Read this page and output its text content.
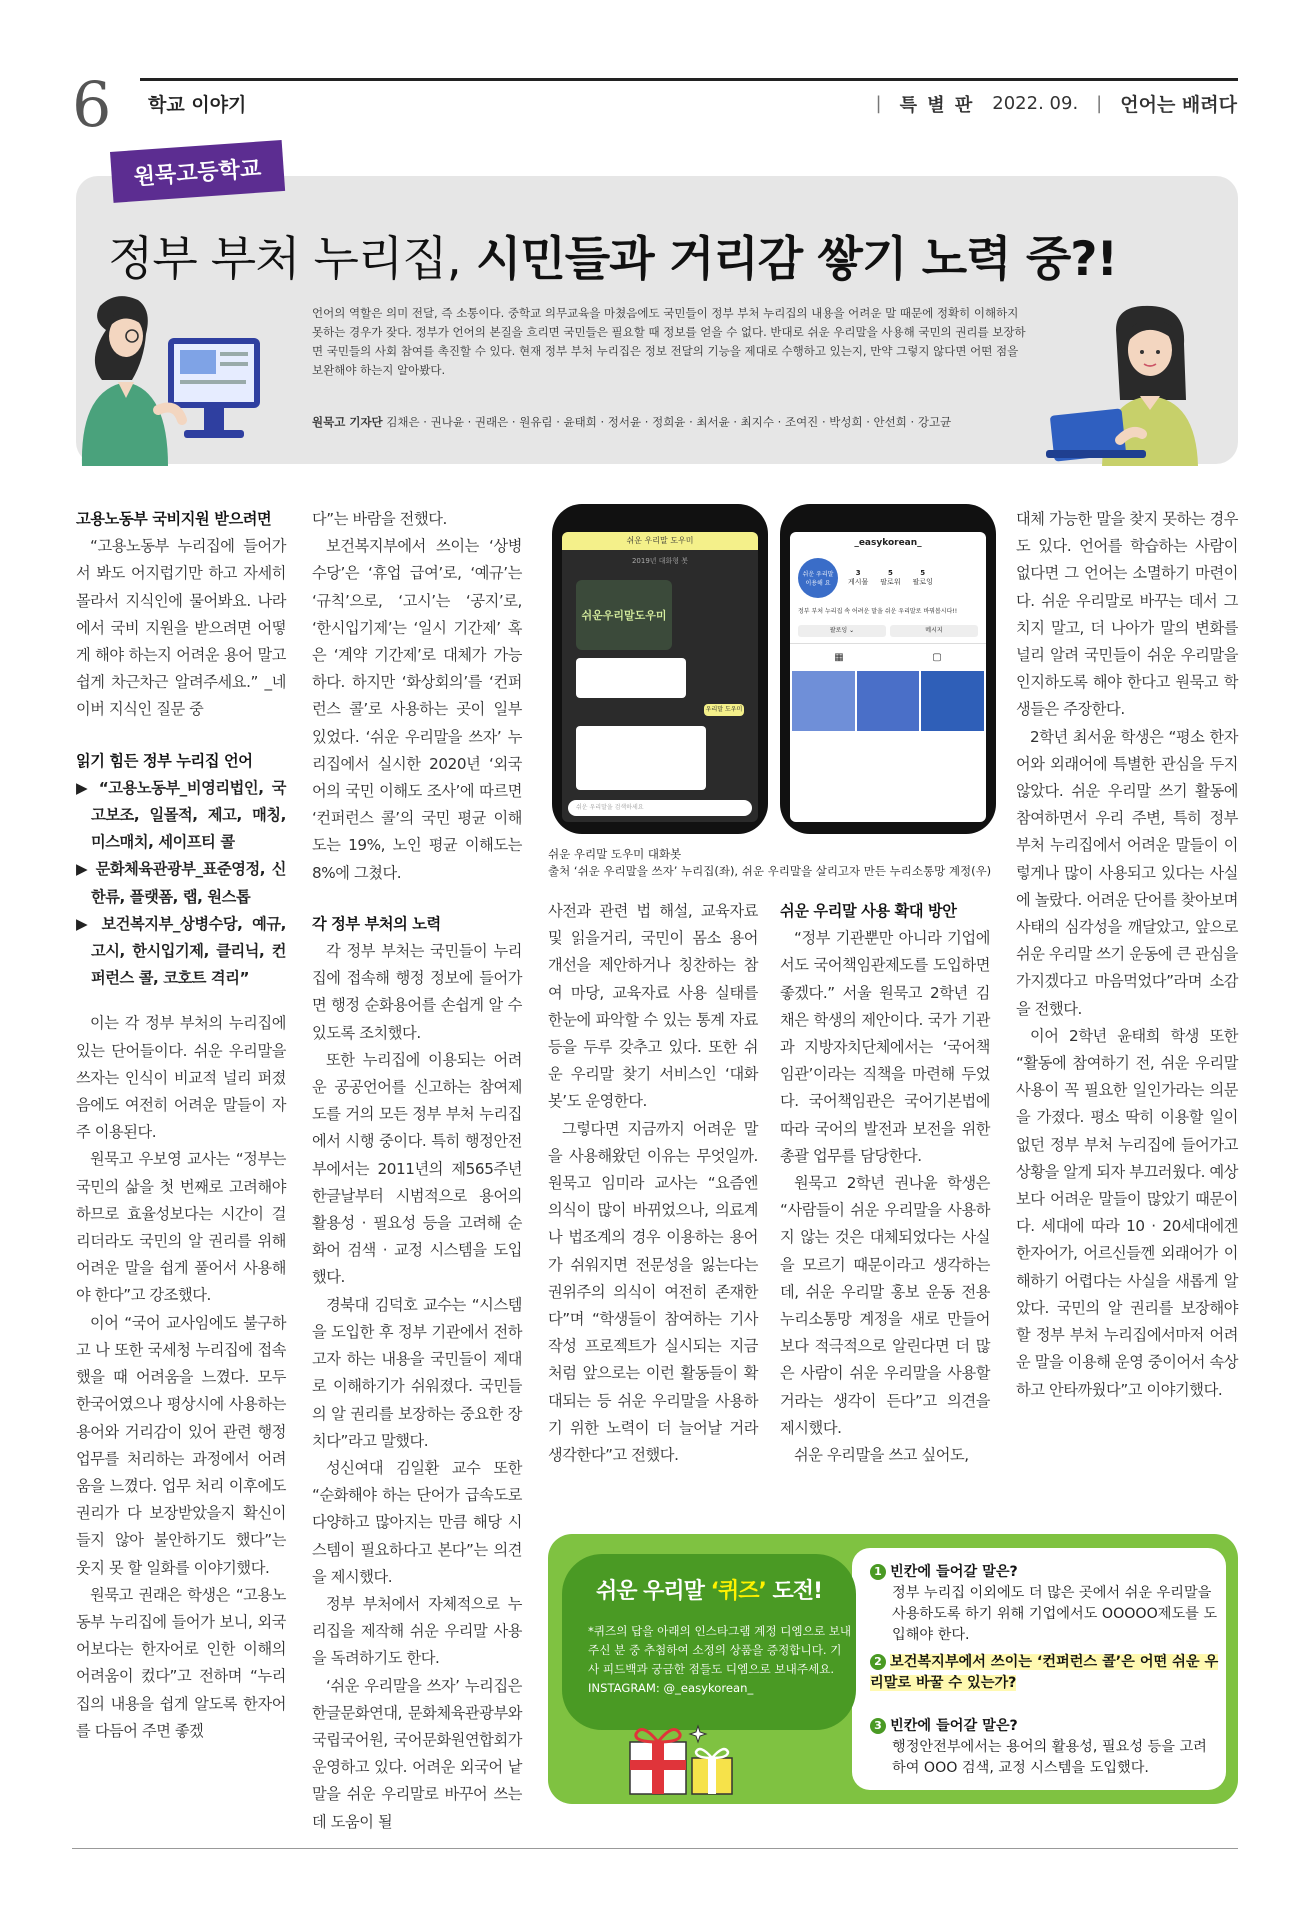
6 학교 이야기	| 특 별 판 2022. 09. | 언어는 배려다
원묵고등학교
정부 부처 누리집, 시민들과 거리감 쌓기 노력 중?!
언어의 역할은 의미 전달, 즉 소통이다. 중학교 의무교육을 마쳤음에도 국민들이 정부 부처 누리집의 내용을 어려운 말 때문에 정확히 이해하지 못하는 경우가 잦다. 정부가 언어의 본질을 흐리면 국민들은 필요할 때 정보를 얻을 수 없다. 반대로 쉬운 우리말을 사용해 국민의 권리를 보장하면 국민들의 사회 참여를 촉진할 수 있다. 현재 정부 부처 누리집은 정보 전달의 기능을 제대로 수행하고 있는지, 만약 그렇지 않다면 어떤 점을 보완해야 하는지 알아봤다.
원묵고 기자단 김채은 · 권나윤 · 권래은 · 원유림 · 윤태희 · 정서윤 · 정희윤 · 최서윤 · 최지수 · 조여진 · 박성희 · 안선희 · 강고균

고용노동부 국비지원 받으려면

“고용노동부 누리집에 들어가서 봐도 어지럽기만 하고 자세히 몰라서 지식인에 물어봐요. 나라에서 국비 지원을 받으려면 어떻게 해야 하는지 어려운 용어 말고 쉽게 차근차근 알려주세요.” _네이버 지식인 질문 중

읽기 힘든 정부 누리집 언어

▶ “고용노동부_비영리법인, 국고보조, 일몰적, 제고, 매칭, 미스매치, 세이프티 콜

▶ 문화체육관광부_표준영정, 신한류, 플랫폼, 랩, 원스톱

▶ 보건복지부_상병수당, 예규, 고시, 한시입기제, 클리닉, 컨퍼런스 콜, 코호트 격리”

이는 각 정부 부처의 누리집에 있는 단어들이다. 쉬운 우리말을 쓰자는 인식이 비교적 널리 퍼졌음에도 여전히 어려운 말들이 자주 이용된다.

원묵고 우보영 교사는 “정부는 국민의 삶을 첫 번째로 고려해야 하므로 효율성보다는 시간이 걸리더라도 국민의 알 권리를 위해 어려운 말을 쉽게 풀어서 사용해야 한다”고 강조했다.

이어 “국어 교사임에도 불구하고 나 또한 국세청 누리집에 접속했을 때 어려움을 느꼈다. 모두 한국어였으나 평상시에 사용하는 용어와 거리감이 있어 관련 행정업무를 처리하는 과정에서 어려움을 느꼈다. 업무 처리 이후에도 권리가 다 보장받았을지 확신이 들지 않아 불안하기도 했다”는 웃지 못 할 일화를 이야기했다.

원묵고 권래은 학생은 “고용노동부 누리집에 들어가 보니, 외국어보다는 한자어로 인한 이해의 어려움이 컸다”고 전하며 “누리집의 내용을 쉽게 알도록 한자어를 다듬어 주면 좋겠

다”는 바람을 전했다.

보건복지부에서 쓰이는 ‘상병수당’은 ‘휴업 급여’로, ‘예규’는 ‘규칙’으로, ‘고시’는 ‘공지’로, ‘한시입기제’는 ‘일시 기간제’ 혹은 ‘계약 기간제’로 대체가 가능하다. 하지만 ‘화상회의’를 ‘컨퍼런스 콜’로 사용하는 곳이 일부 있었다. ‘쉬운 우리말을 쓰자’ 누리집에서 실시한 2020년 ‘외국어의 국민 이해도 조사’에 따르면 ‘컨퍼런스 콜’의 국민 평균 이해도는 19%, 노인 평균 이해도는 8%에 그쳤다.

각 정부 부처의 노력

각 정부 부처는 국민들이 누리집에 접속해 행정 정보에 들어가면 행정 순화용어를 손쉽게 알 수 있도록 조치했다.

또한 누리집에 이용되는 어려운 공공언어를 신고하는 참여제도를 거의 모든 정부 부처 누리집에서 시행 중이다. 특히 행정안전부에서는 2011년의 제565주년 한글날부터 시범적으로 용어의 활용성 · 필요성 등을 고려해 순화어 검색 · 교정 시스템을 도입했다.

경북대 김덕호 교수는 “시스템을 도입한 후 정부 기관에서 전하고자 하는 내용을 국민들이 제대로 이해하기가 쉬워졌다. 국민들의 알 권리를 보장하는 중요한 장치다”라고 말했다.

성신여대 김일환 교수 또한 “순화해야 하는 단어가 급속도로 다양하고 많아지는 만큼 해당 시스템이 필요하다고 본다”는 의견을 제시했다.

정부 부처에서 자체적으로 누리집을 제작해 쉬운 우리말 사용을 독려하기도 한다.

‘쉬운 우리말을 쓰자’ 누리집은 한글문화연대, 문화체육관광부와 국립국어원, 국어문화원연합회가 운영하고 있다. 어려운 외국어 낱말을 쉬운 우리말로 바꾸어 쓰는 데 도움이 될

쉬운 우리말 도우미
2019년 대화형 봇
쉬운우리말도우미
우리말 도우미
쉬운 우리말을 검색하세요
_easykorean_
쉬운 우리말 이용해 요
3
게시물
5
팔로워
5
팔로잉
정부 부처 누리집 속 어려운 말을 쉬운 우리말로 바꿔봅시다!!
팔로잉 ⌄	메시지
▦	▢
쉬운 우리말 도우미 대화봇
출처 ‘쉬운 우리말을 쓰자’ 누리집(좌), 쉬운 우리말을 살리고자 만든 누리소통망 계정(우)

사전과 관련 법 해설, 교육자료 및 읽을거리, 국민이 몸소 용어 개선을 제안하거나 칭찬하는 참여 마당, 교육자료 사용 실태를 한눈에 파악할 수 있는 통계 자료 등을 두루 갖추고 있다. 또한 쉬운 우리말 찾기 서비스인 ‘대화봇’도 운영한다.

그렇다면 지금까지 어려운 말을 사용해왔던 이유는 무엇일까. 원묵고 임미라 교사는 “요즘엔 의식이 많이 바뀌었으나, 의료계나 법조계의 경우 이용하는 용어가 쉬워지면 전문성을 잃는다는 권위주의 의식이 여전히 존재한다”며 “학생들이 참여하는 기사 작성 프로젝트가 실시되는 지금처럼 앞으로는 이런 활동들이 확대되는 등 쉬운 우리말을 사용하기 위한 노력이 더 늘어날 거라 생각한다”고 전했다.

쉬운 우리말 사용 확대 방안

“정부 기관뿐만 아니라 기업에서도 국어책임관제도를 도입하면 좋겠다.” 서울 원묵고 2학년 김채은 학생의 제안이다. 국가 기관과 지방자치단체에서는 ‘국어책임관’이라는 직책을 마련해 두었다. 국어책임관은 국어기본법에 따라 국어의 발전과 보전을 위한 총괄 업무를 담당한다.

원묵고 2학년 권나윤 학생은 “사람들이 쉬운 우리말을 사용하지 않는 것은 대체되었다는 사실을 모르기 때문이라고 생각하는데, 쉬운 우리말 홍보 운동 전용 누리소통망 계정을 새로 만들어 보다 적극적으로 알린다면 더 많은 사람이 쉬운 우리말을 사용할 거라는 생각이 든다”고 의견을 제시했다.

쉬운 우리말을 쓰고 싶어도,

대체 가능한 말을 찾지 못하는 경우도 있다. 언어를 학습하는 사람이 없다면 그 언어는 소멸하기 마련이다. 쉬운 우리말로 바꾸는 데서 그치지 말고, 더 나아가 말의 변화를 널리 알려 국민들이 쉬운 우리말을 인지하도록 해야 한다고 원묵고 학생들은 주장한다.

2학년 최서윤 학생은 “평소 한자어와 외래어에 특별한 관심을 두지 않았다. 쉬운 우리말 쓰기 활동에 참여하면서 우리 주변, 특히 정부 부처 누리집에서 어려운 말들이 이렇게나 많이 사용되고 있다는 사실에 놀랐다. 어려운 단어를 찾아보며 사태의 심각성을 깨달았고, 앞으로 쉬운 우리말 쓰기 운동에 큰 관심을 가지겠다고 마음먹었다”라며 소감을 전했다.

이어 2학년 윤태희 학생 또한 “활동에 참여하기 전, 쉬운 우리말 사용이 꼭 필요한 일인가라는 의문을 가졌다. 평소 딱히 이용할 일이 없던 정부 부처 누리집에 들어가고 상황을 알게 되자 부끄러웠다. 예상보다 어려운 말들이 많았기 때문이다. 세대에 따라 10 · 20세대에겐 한자어가, 어르신들껜 외래어가 이해하기 어렵다는 사실을 새롭게 알았다. 국민의 알 권리를 보장해야 할 정부 부처 누리집에서마저 어려운 말을 이용해 운영 중이어서 속상하고 안타까웠다”고 이야기했다.

쉬운 우리말 ‘퀴즈’ 도전!
*퀴즈의 답을 아래의 인스타그램 계정 디엠으로 보내주신 분 중 추첨하여 소정의 상품을 증정합니다. 기사 피드백과 궁금한 점들도 디엠으로 보내주세요. INSTAGRAM: @_easykorean_
1 빈칸에 들어갈 말은?
정부 누리집 이외에도 더 많은 곳에서 쉬운 우리말을 사용하도록 하기 위해 기업에서도 OOOOO제도를 도입해야 한다.
2 보건복지부에서 쓰이는 ‘컨퍼런스 콜’은 어떤 쉬운 우리말로 바꿀 수 있는가?
3 빈칸에 들어갈 말은?
행정안전부에서는 용어의 활용성, 필요성 등을 고려하여 OOO 검색, 교정 시스템을 도입했다.
